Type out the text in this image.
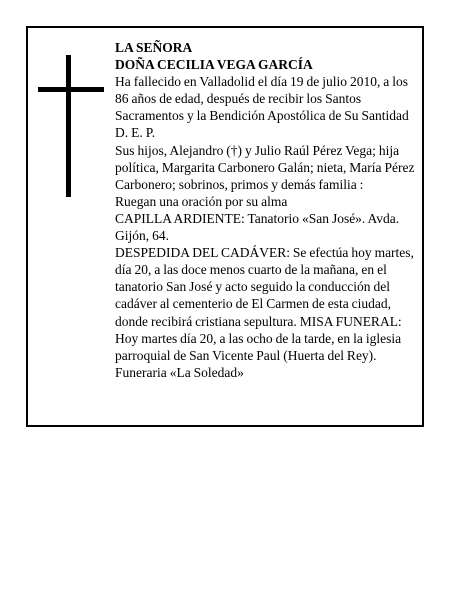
LA SEÑORA

DOÑA CECILIA VEGA GARCÍA

Ha fallecido en Valladolid el día 19 de julio 2010, a los 86 años de edad, después de recibir los Santos Sacramentos y la Bendición Apostólica de Su Santidad D. E. P.

Sus hijos, Alejandro (†) y Julio Raúl Pérez Vega; hija política, Margarita Carbonero Galán; nieta, María Pérez Carbonero; sobrinos, primos y demás familia :

Ruegan una oración por su alma

CAPILLA ARDIENTE: Tanatorio «San José». Avda. Gijón, 64.

DESPEDIDA DEL CADÁVER: Se efectúa hoy martes, día 20, a las doce menos cuarto de la mañana, en el tanatorio San José y acto seguido la conducción del cadáver al cementerio de El Carmen de esta ciudad, donde recibirá cristiana sepultura. MISA FUNERAL: Hoy martes día 20, a las ocho de la tarde, en la iglesia parroquial de San Vicente Paul (Huerta del Rey).

Funeraria «La Soledad»
